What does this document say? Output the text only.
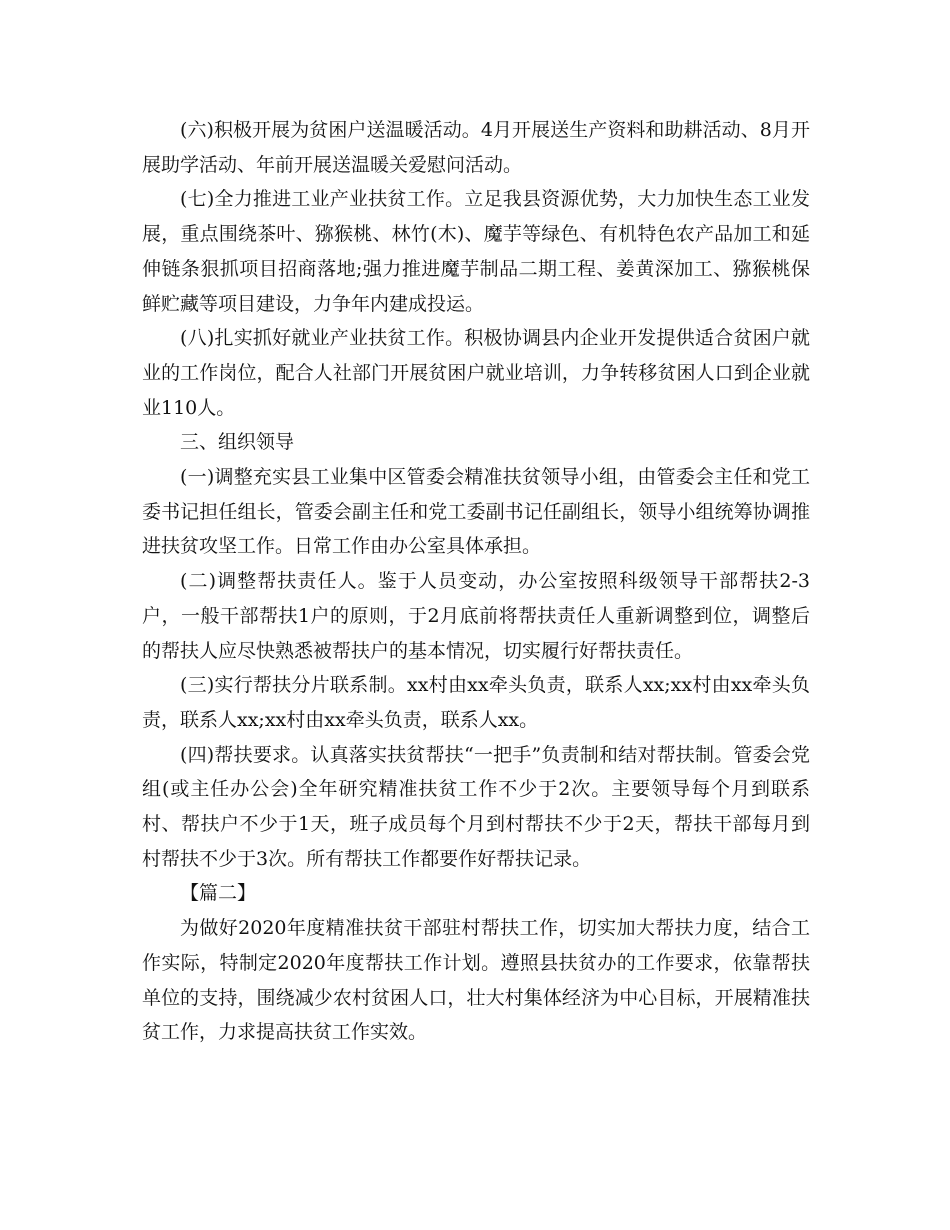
(六)积极开展为贫困户送温暖活动。4月开展送生产资料和助耕活动、8月开展助学活动、年前开展送温暖关爱慰问活动。

(七)全力推进工业产业扶贫工作。立足我县资源优势，大力加快生态工业发展，重点围绕茶叶、猕猴桃、林竹(木)、魔芋等绿色、有机特色农产品加工和延伸链条狠抓项目招商落地;强力推进魔芋制品二期工程、姜黄深加工、猕猴桃保鲜贮藏等项目建设，力争年内建成投运。

(八)扎实抓好就业产业扶贫工作。积极协调县内企业开发提供适合贫困户就业的工作岗位，配合人社部门开展贫困户就业培训，力争转移贫困人口到企业就业110人。

三、组织领导

(一)调整充实县工业集中区管委会精准扶贫领导小组，由管委会主任和党工委书记担任组长，管委会副主任和党工委副书记任副组长，领导小组统筹协调推进扶贫攻坚工作。日常工作由办公室具体承担。

(二)调整帮扶责任人。鉴于人员变动，办公室按照科级领导干部帮扶2-3户，一般干部帮扶1户的原则，于2月底前将帮扶责任人重新调整到位，调整后的帮扶人应尽快熟悉被帮扶户的基本情况，切实履行好帮扶责任。

(三)实行帮扶分片联系制。xx村由xx牵头负责，联系人xx;xx村由xx牵头负责，联系人xx;xx村由xx牵头负责，联系人xx。

(四)帮扶要求。认真落实扶贫帮扶“一把手”负责制和结对帮扶制。管委会党组(或主任办公会)全年研究精准扶贫工作不少于2次。主要领导每个月到联系村、帮扶户不少于1天，班子成员每个月到村帮扶不少于2天，帮扶干部每月到村帮扶不少于3次。所有帮扶工作都要作好帮扶记录。

【篇二】

为做好2020年度精准扶贫干部驻村帮扶工作，切实加大帮扶力度，结合工作实际，特制定2020年度帮扶工作计划。遵照县扶贫办的工作要求，依靠帮扶单位的支持，围绕减少农村贫困人口，壮大村集体经济为中心目标，开展精准扶贫工作，力求提高扶贫工作实效。
